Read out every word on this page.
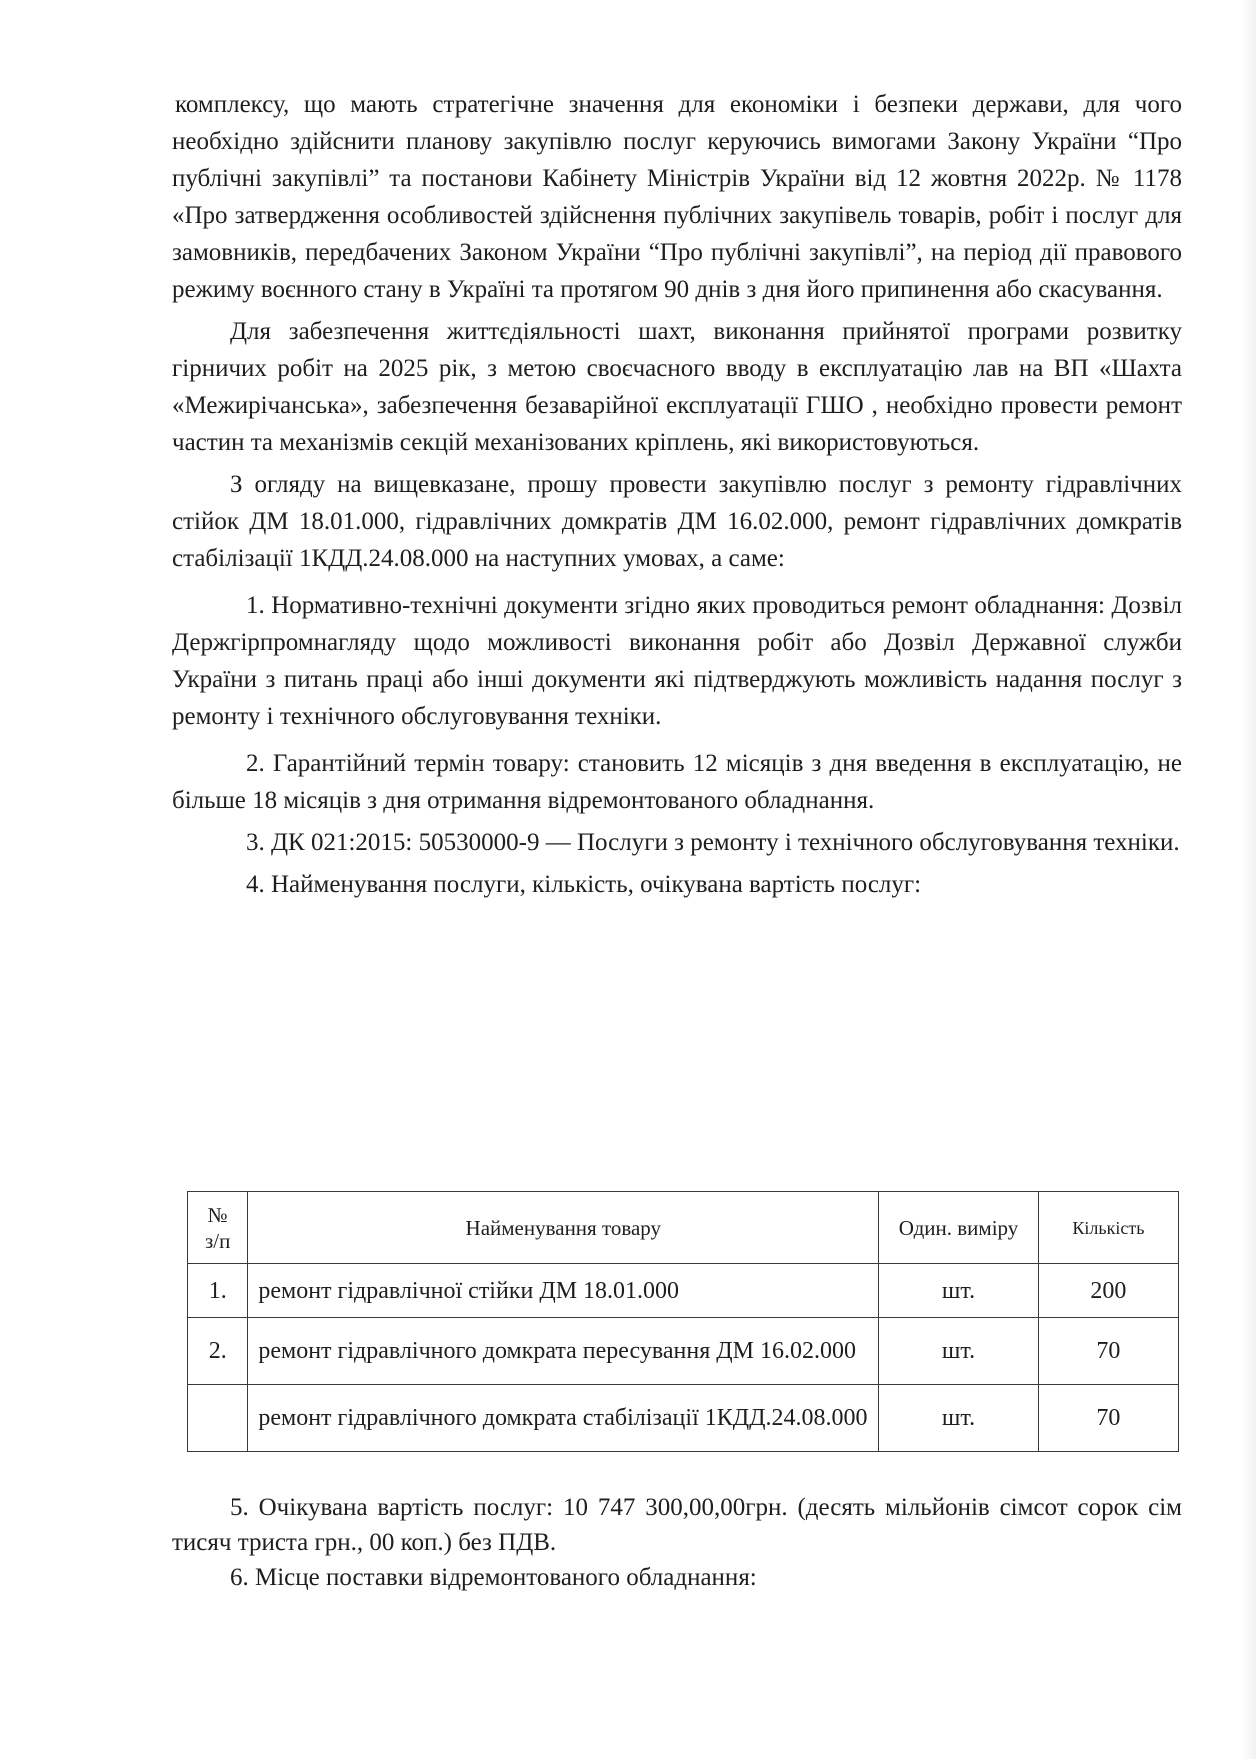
комплексу, що мають стратегічне значення для економіки і безпеки держави, для чого необхідно здійснити планову закупівлю послуг керуючись вимогами Закону України “Про публічні закупівлі” та постанови Кабінету Міністрів України від 12 жовтня 2022р. № 1178 «Про затвердження особливостей здійснення публічних закупівель товарів, робіт і послуг для замовників, передбачених Законом України “Про публічні закупівлі”, на період дії правового режиму воєнного стану в Україні та протягом 90 днів з дня його припинення або скасування.

Для забезпечення життєдіяльності шахт, виконання прийнятої програми розвитку гірничих робіт на 2025 рік, з метою своєчасного вводу в експлуатацію лав на ВП «Шахта «Межирічанська», забезпечення безаварійної експлуатації ГШО , необхідно провести ремонт частин та механізмів секцій механізованих кріплень, які використовуються.

З огляду на вищевказане, прошу провести закупівлю послуг з ремонту гідравлічних стійок ДМ 18.01.000, гідравлічних домкратів ДМ 16.02.000, ремонт гідравлічних домкратів стабілізації 1КДД.24.08.000 на наступних умовах, а саме:

1. Нормативно-технічні документи згідно яких проводиться ремонт обладнання: Дозвіл Держгірпромнагляду щодо можливості виконання робіт або Дозвіл Державної служби України з питань праці або інші документи які підтверджують можливість надання послуг з ремонту і технічного обслуговування техніки.

2. Гарантійний термін товару: становить 12 місяців з дня введення в експлуатацію, не більше 18 місяців з дня отримання відремонтованого обладнання.

3. ДК 021:2015: 50530000-9 — Послуги з ремонту і технічного обслуговування техніки.

4. Найменування послуги, кількість, очікувана вартість послуг:

№ з/п	Найменування товару	Один. виміру	Кількість
1.	ремонт гідравлічної стійки ДМ 18.01.000	шт.	200
2.	ремонт гідравлічного домкрата пересування ДМ 16.02.000	шт.	70
	ремонт гідравлічного домкрата стабілізації 1КДД.24.08.000	шт.	70

5. Очікувана вартість послуг: 10 747 300,00,00грн. (десять мільйонів сімсот сорок сім тисяч триста грн., 00 коп.) без ПДВ.

6. Місце поставки відремонтованого обладнання:
